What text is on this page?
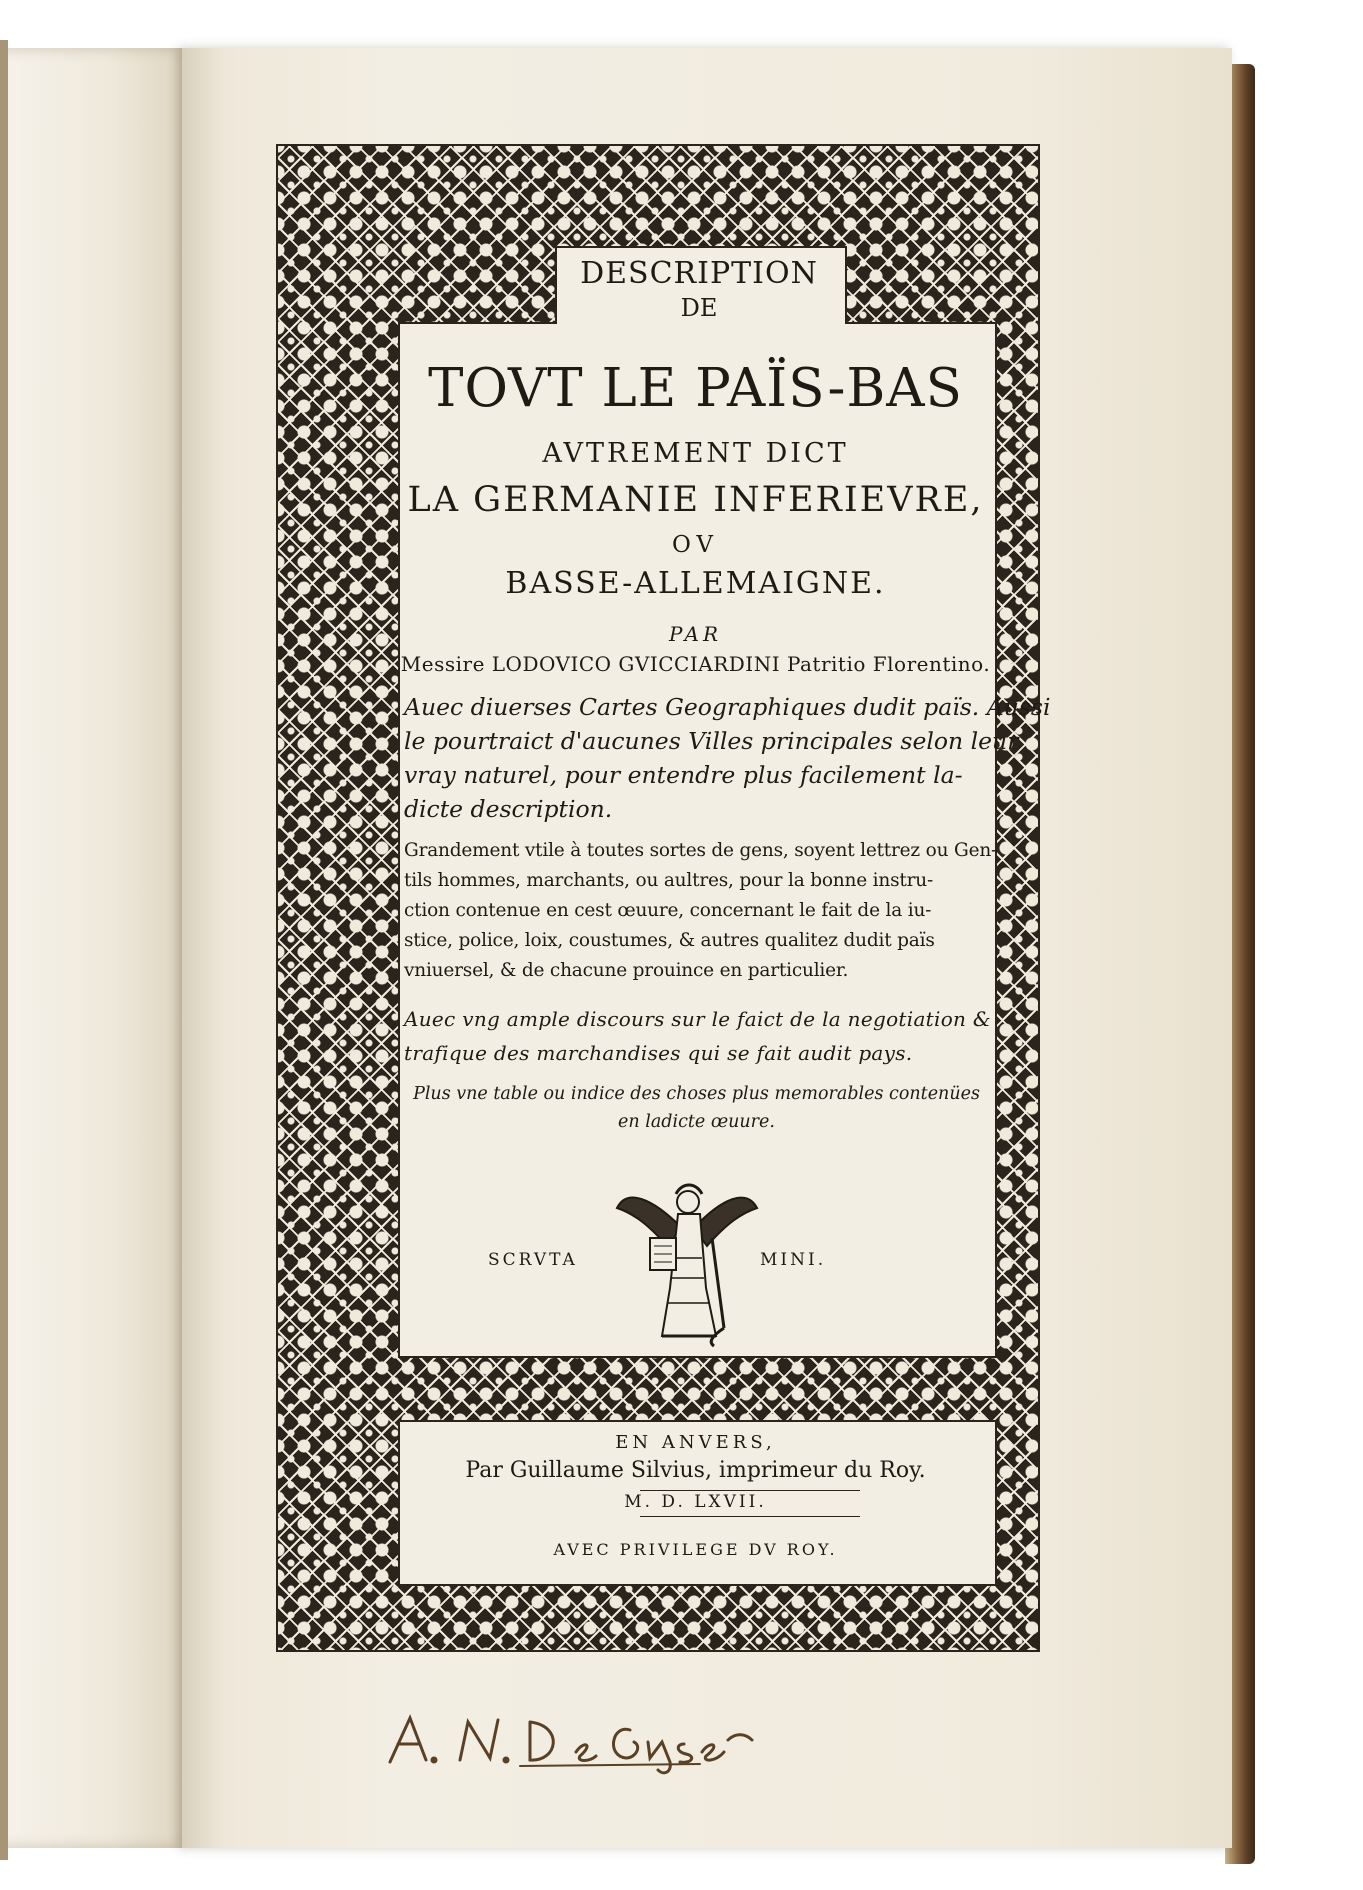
DESCRIPTION
DE
TOVT LE PAÏS-BAS
AVTREMENT DICT
LA GERMANIE INFERIEVRE,
OV
BASSE-ALLEMAIGNE.
PAR
Messire LODOVICO GVICCIARDINI Patritio Florentino.
Auec diuerses Cartes Geographiques dudit païs. Aussi
le pourtraict d'aucunes Villes principales selon leur
vray naturel, pour entendre plus facilement la-
dicte description.
Grandement vtile à toutes sortes de gens, soyent lettrez ou Gen-
tils hommes, marchants, ou aultres, pour la bonne instru-
ction contenue en cest œuure, concernant le fait de la iu-
stice, police, loix, coustumes, & autres qualitez dudit païs
vniuersel, & de chacune prouince en particulier.
Auec vng ample discours sur le faict de la negotiation &
trafique des marchandises qui se fait audit pays.
Plus vne table ou indice des choses plus memorables contenües
en ladicte œuure.
SCRVTA	MINI.
EN ANVERS,
Par Guillaume Silvius, imprimeur du Roy.
M. D. LXVII.
AVEC PRIVILEGE DV ROY.
